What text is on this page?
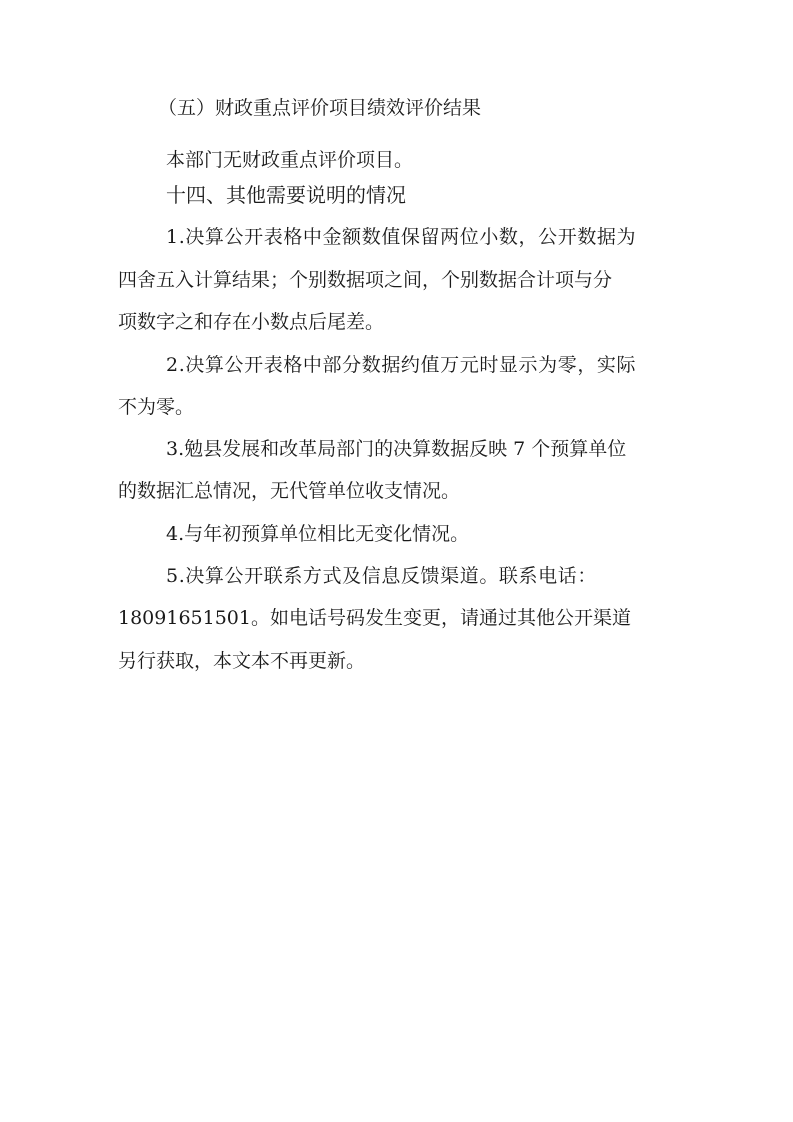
（五）财政重点评价项目绩效评价结果

本部门无财政重点评价项目。

十四、其他需要说明的情况

1.决算公开表格中金额数值保留两位小数，公开数据为

四舍五入计算结果；个别数据项之间，个别数据合计项与分

项数字之和存在小数点后尾差。

2.决算公开表格中部分数据约值万元时显示为零，实际

不为零。

3.勉县发展和改革局部门的决算数据反映 7 个预算单位

的数据汇总情况，无代管单位收支情况。

4.与年初预算单位相比无变化情况。

5.决算公开联系方式及信息反馈渠道。联系电话：

18091651501。如电话号码发生变更，请通过其他公开渠道

另行获取，本文本不再更新。
